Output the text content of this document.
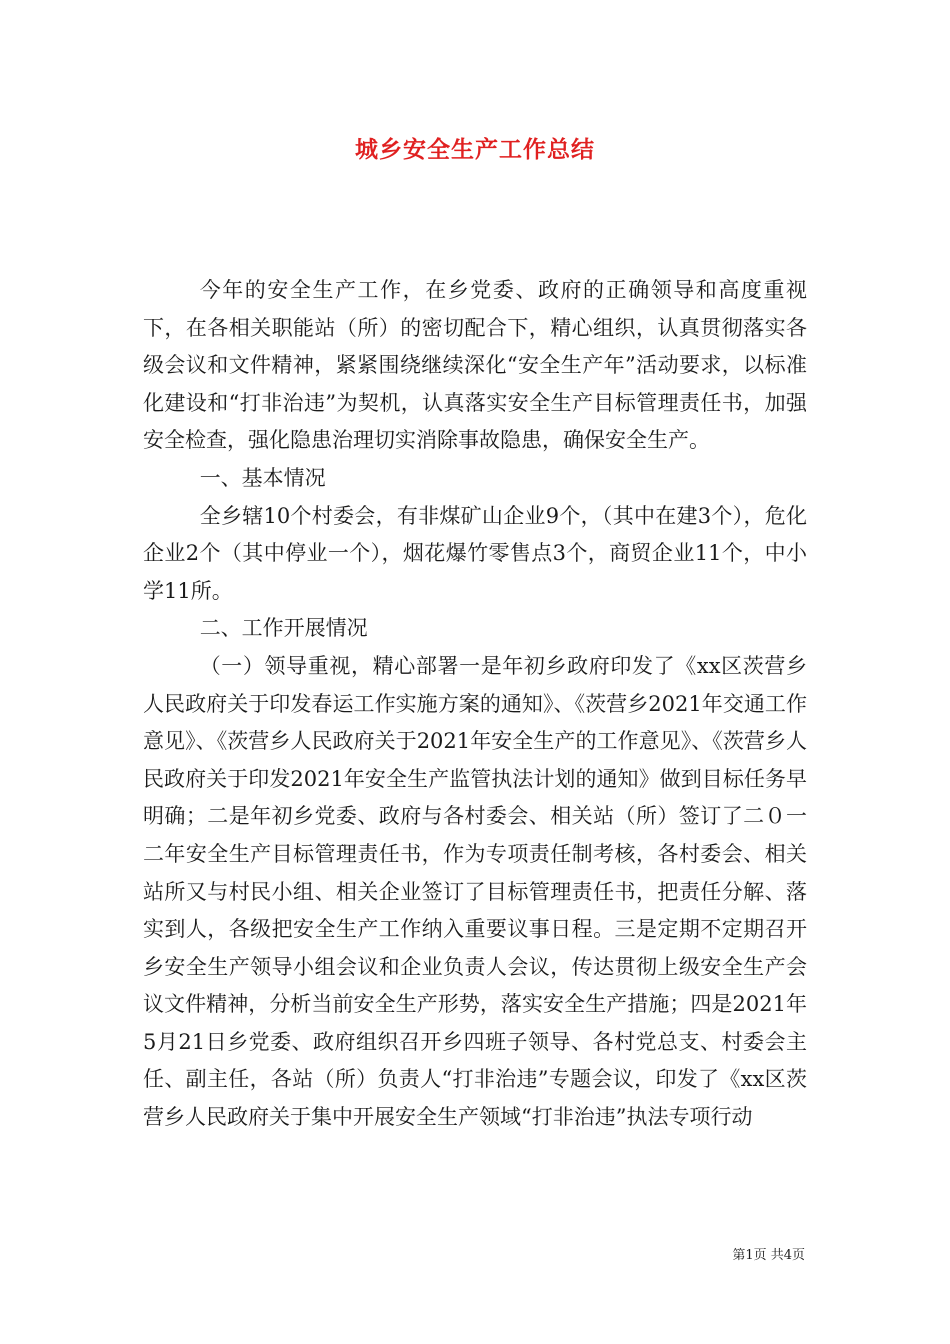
城乡安全生产工作总结

今年的安全生产工作，在乡党委、政府的正确领导和高度重视下，在各相关职能站（所）的密切配合下，精心组织，认真贯彻落实各级会议和文件精神，紧紧围绕继续深化“安全生产年”活动要求，以标准化建设和“打非治违”为契机，认真落实安全生产目标管理责任书，加强安全检查，强化隐患治理切实消除事故隐患，确保安全生产。

一、基本情况

全乡辖10个村委会，有非煤矿山企业9个，（其中在建3个），危化企业2个（其中停业一个），烟花爆竹零售点3个，商贸企业11个，中小学11所。

二、工作开展情况

（一）领导重视，精心部署一是年初乡政府印发了《xx区茨营乡人民政府关于印发春运工作实施方案的通知》、《茨营乡2021年交通工作意见》、《茨营乡人民政府关于2021年安全生产的工作意见》、《茨营乡人民政府关于印发2021年安全生产监管执法计划的通知》做到目标任务早明确；二是年初乡党委、政府与各村委会、相关站（所）签订了二０一二年安全生产目标管理责任书，作为专项责任制考核，各村委会、相关站所又与村民小组、相关企业签订了目标管理责任书，把责任分解、落实到人，各级把安全生产工作纳入重要议事日程。三是定期不定期召开乡安全生产领导小组会议和企业负责人会议，传达贯彻上级安全生产会议文件精神，分析当前安全生产形势，落实安全生产措施；四是2021年5月21日乡党委、政府组织召开乡四班子领导、各村党总支、村委会主任、副主任，各站（所）负责人“打非治违”专题会议，印发了《xx区茨营乡人民政府关于集中开展安全生产领域“打非治违”执法专项行动

第1页 共4页
